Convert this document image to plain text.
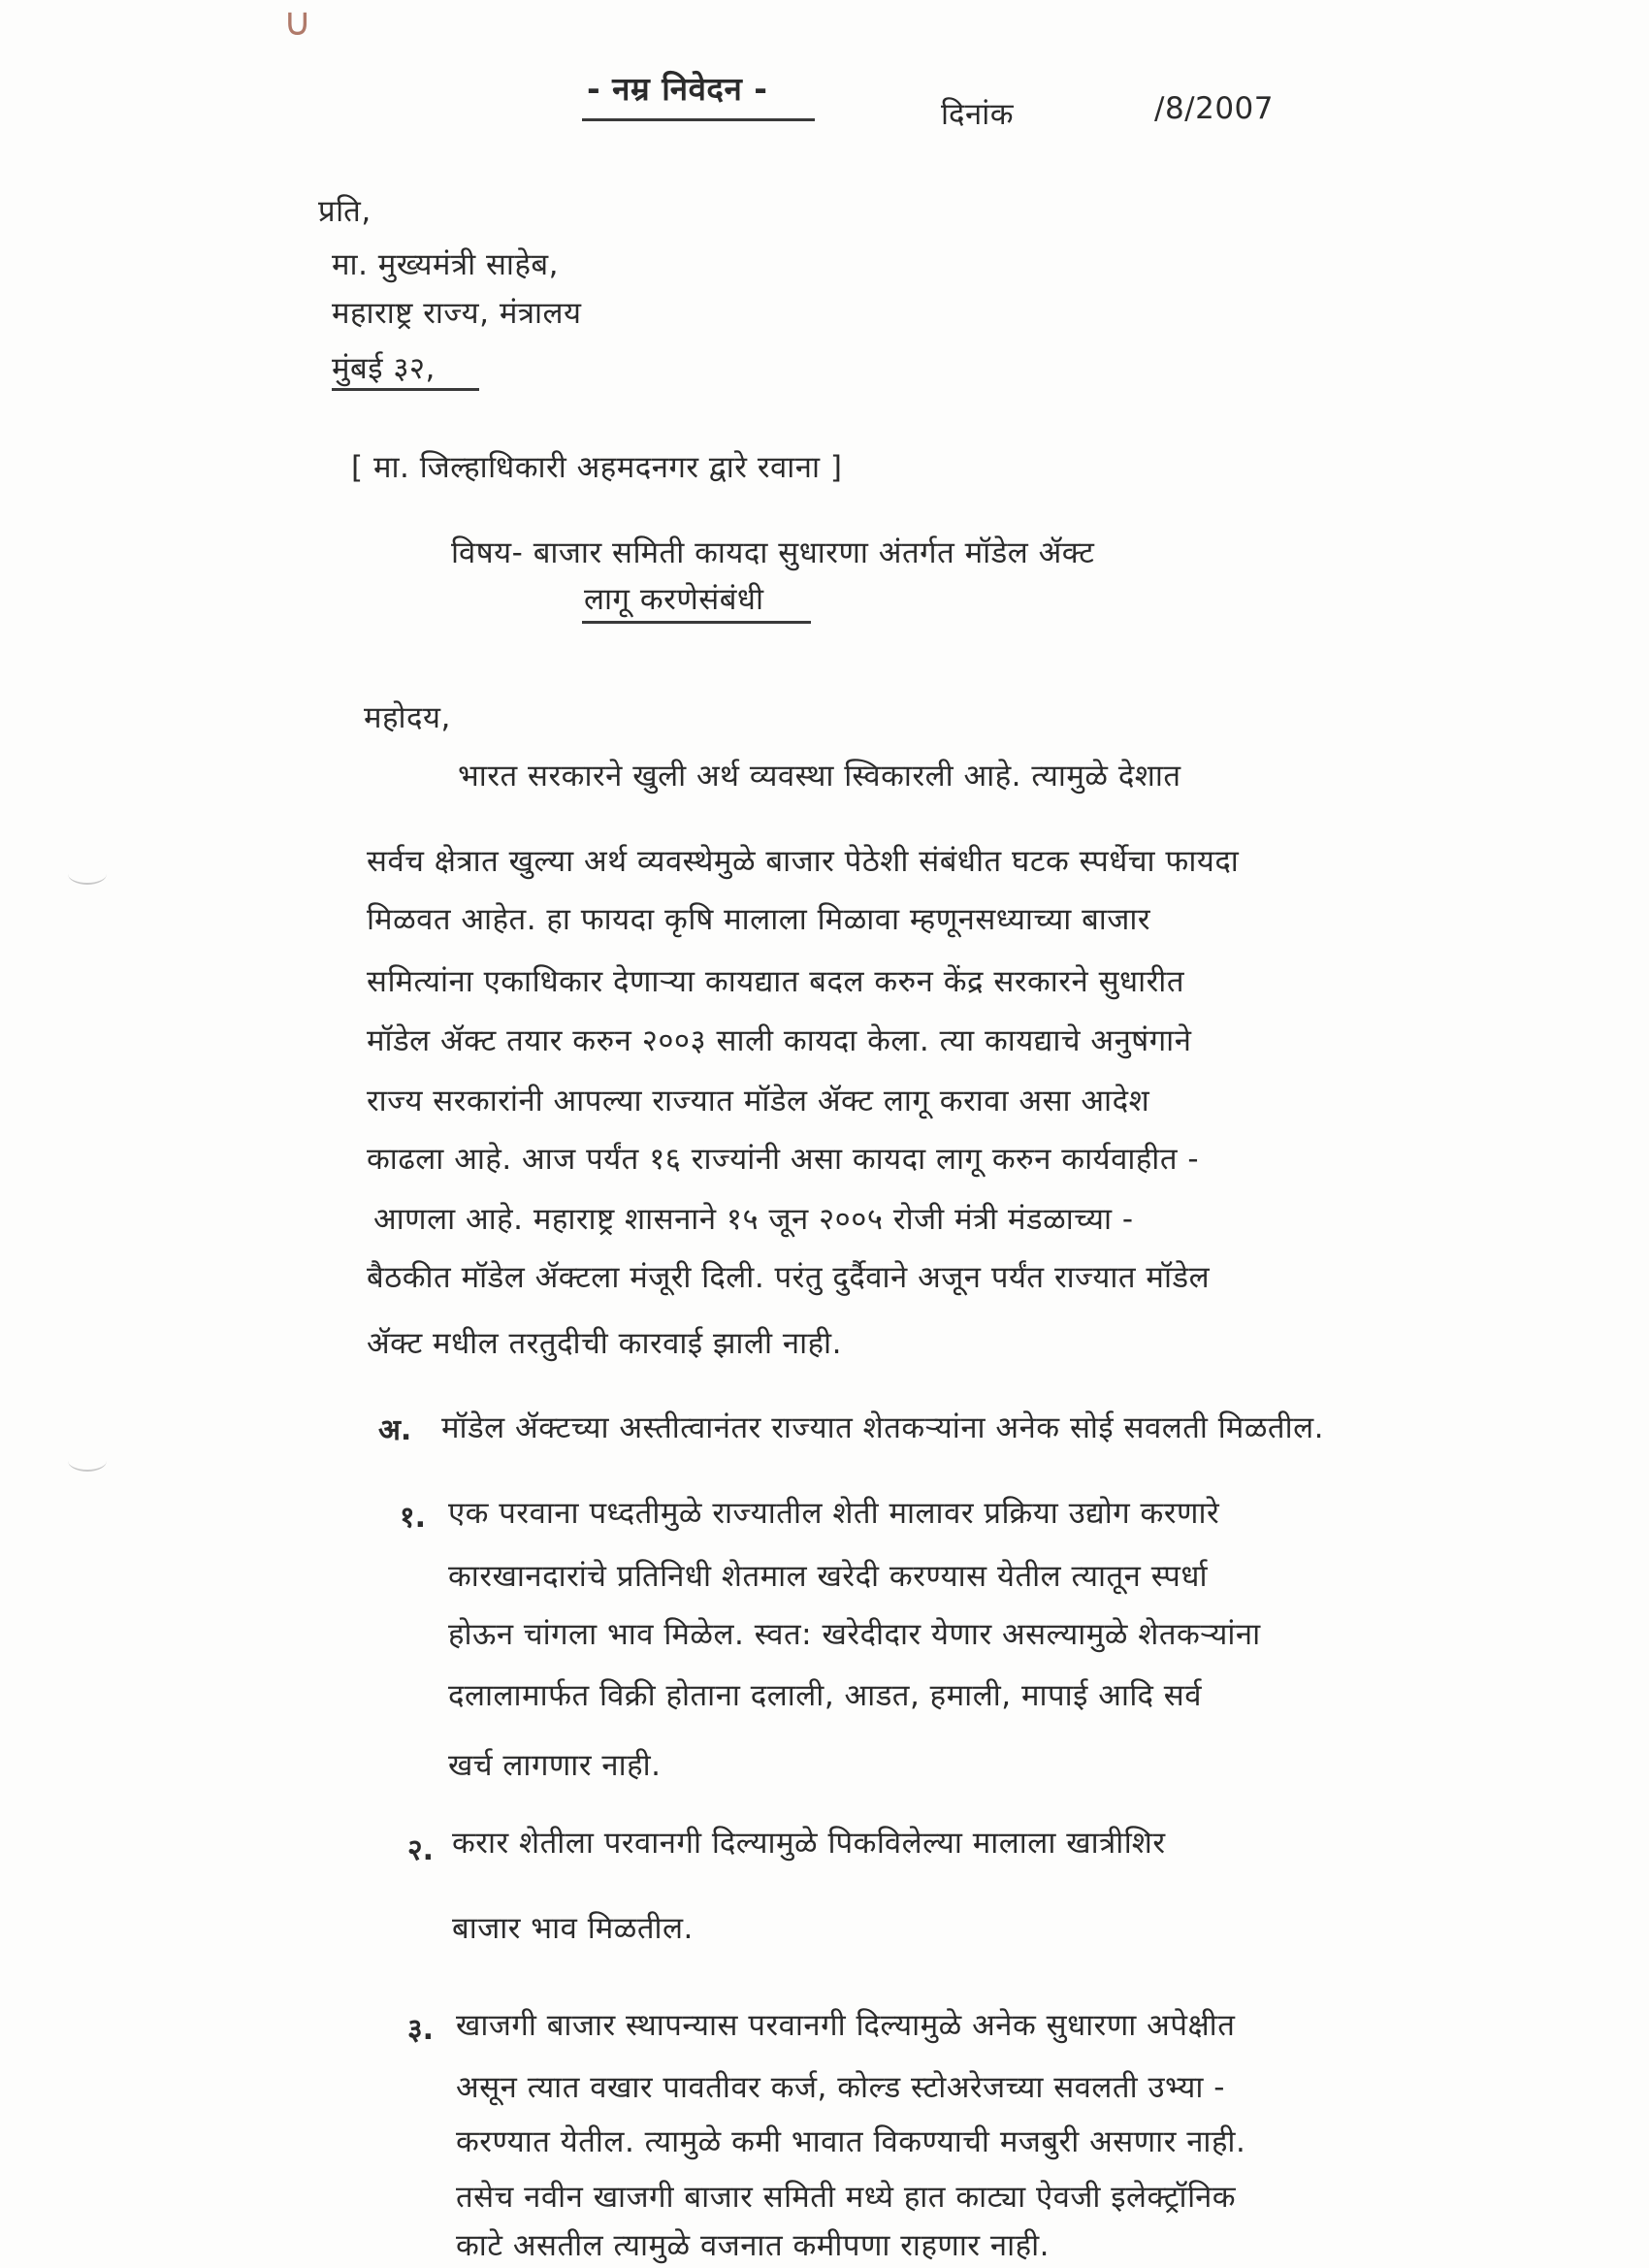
∪
- नम्र निवेदन -
दिनांक	/8/2007
प्रति,
मा. मुख्यमंत्री साहेब,
महाराष्ट्र राज्य, मंत्रालय
मुंबई ३२,
[ मा. जिल्हाधिकारी अहमदनगर द्वारे रवाना ]
विषय- बाजार समिती कायदा सुधारणा अंतर्गत मॉडेल ॲक्ट
लागू करणेसंबंधी
महोदय,
भारत सरकारने खुली अर्थ व्यवस्था स्विकारली आहे. त्यामुळे देशात
सर्वच क्षेत्रात खुल्या अर्थ व्यवस्थेमुळे बाजार पेठेशी संबंधीत घटक स्पर्धेचा फायदा
मिळवत आहेत. हा फायदा कृषि मालाला मिळावा म्हणूनसध्याच्या बाजार
समित्यांना एकाधिकार देणाऱ्या कायद्यात बदल करुन केंद्र सरकारने सुधारीत
मॉडेल ॲक्ट तयार करुन २००३ साली कायदा केला. त्या कायद्याचे अनुषंगाने
राज्य सरकारांनी आपल्या राज्यात मॉडेल ॲक्ट लागू करावा असा आदेश
काढला आहे. आज पर्यंत १६ राज्यांनी असा कायदा लागू करुन कार्यवाहीत -
आणला आहे. महाराष्ट्र शासनाने १५ जून २००५ रोजी मंत्री मंडळाच्या -
बैठकीत मॉडेल ॲक्टला मंजूरी दिली. परंतु दुर्दैवाने अजून पर्यंत राज्यात मॉडेल
ॲक्ट मधील तरतुदीची कारवाई झाली नाही.
अ. मॉडेल ॲक्टच्या अस्तीत्वानंतर राज्यात शेतकऱ्यांना अनेक सोई सवलती मिळतील.
१. एक परवाना पध्दतीमुळे राज्यातील शेती मालावर प्रक्रिया उद्योग करणारे
कारखानदारांचे प्रतिनिधी शेतमाल खरेदी करण्यास येतील त्यातून स्पर्धा
होऊन चांगला भाव मिळेल. स्वत: खरेदीदार येणार असल्यामुळे शेतकऱ्यांना
दलालामार्फत विक्री होताना दलाली, आडत, हमाली, मापाई आदि सर्व
खर्च लागणार नाही.
२. करार शेतीला परवानगी दिल्यामुळे पिकविलेल्या मालाला खात्रीशिर
बाजार भाव मिळतील.
३. खाजगी बाजार स्थापन्यास परवानगी दिल्यामुळे अनेक सुधारणा अपेक्षीत
असून त्यात वखार पावतीवर कर्ज, कोल्ड स्टोअरेजच्या सवलती उभ्या -
करण्यात येतील. त्यामुळे कमी भावात विकण्याची मजबुरी असणार नाही.
तसेच नवीन खाजगी बाजार समिती मध्ये हात काट्या ऐवजी इलेक्ट्रॉनिक
काटे असतील त्यामुळे वजनात कमीपणा राहणार नाही.
